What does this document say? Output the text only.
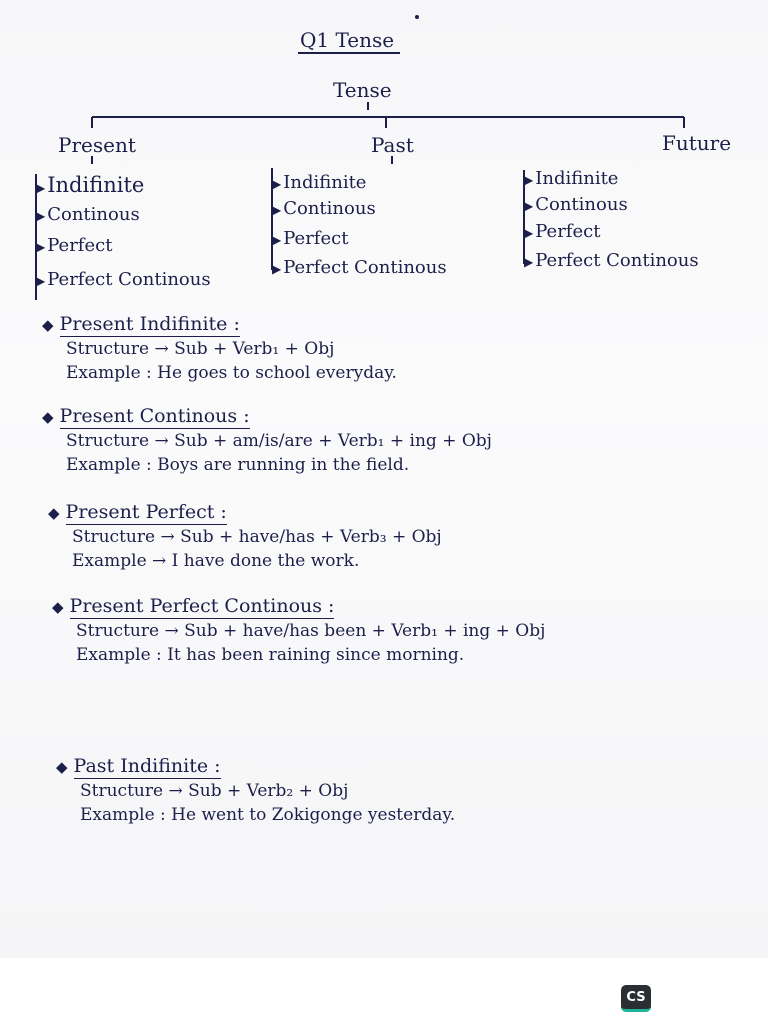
Q1 Tense
Tense
Present
▶Indifinite
▶ Continous
▶ Perfect
▶ Perfect Continous
Past
▶ Indifinite
▶ Continous
▶ Perfect
▶ Perfect Continous
Future
▶ Indifinite
▶ Continous
▶ Perfect
▶ Perfect Continous
◆ Present Indifinite :
Structure → Sub + Verb₁ + Obj
Example : He goes to school everyday.
◆ Present Continous :
Structure → Sub + am/is/are + Verb₁ + ing + Obj
Example : Boys are running in the field.
◆ Present Perfect :
Structure → Sub + have/has + Verb₃ + Obj
Example → I have done the work.
◆ Present Perfect Continous :
Structure → Sub + have/has been + Verb₁ + ing + Obj
Example : It has been raining since morning.
◆ Past Indifinite :
Structure → Sub + Verb₂ + Obj
Example : He went to Zokigonge yesterday.
CS
